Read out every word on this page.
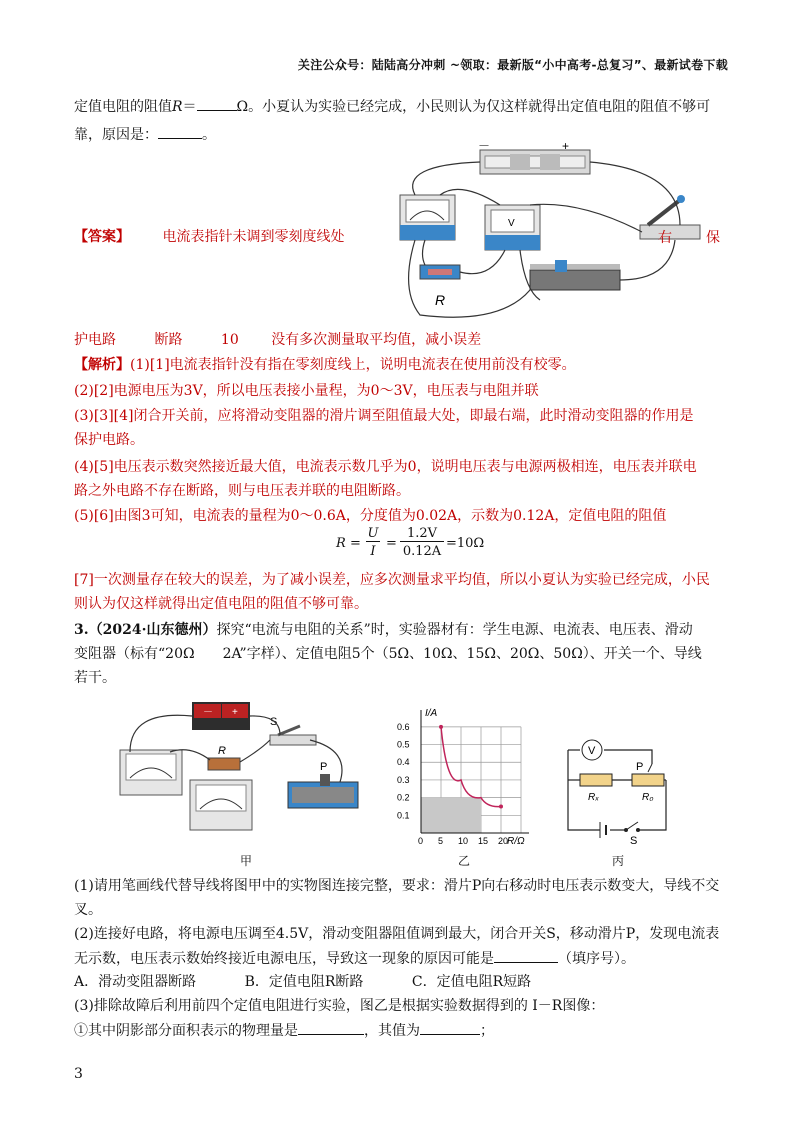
关注公众号：陆陆高分冲刺 ~领取：最新版“小中高考-总复习”、最新试卷下载
定值电阻的阻值R＝	Ω。小夏认为实验已经完成，小民则认为仅这样就得出定值电阻的阻值不够可
靠，原因是：	。
－	+
V
R
【答案】 电流表指针未调到零刻度线处	右 保
护电路	断路	10 没有多次测量取平均值，减小误差
【解析】(1)[1]电流表指针没有指在零刻度线上，说明电流表在使用前没有校零。
(2)[2]电源电压为3V，所以电压表接小量程，为0～3V，电压表与电阻并联
(3)[3][4]闭合开关前，应将滑动变阻器的滑片调至阻值最大处，即最右端，此时滑动变阻器的作用是
保护电路。
(4)[5]电压表示数突然接近最大值，电流表示数几乎为0，说明电压表与电源两极相连，电压表并联电
路之外电路不存在断路，则与电压表并联的电阻断路。
(5)[6]由图3可知，电流表的量程为0～0.6A，分度值为0.02A，示数为0.12A，定值电阻的阻值
R =
U
I
=
1.2V
0.12A
=10Ω
[7]一次测量存在较大的误差，为了减小误差，应多次测量求平均值，所以小夏认为实验已经完成，小民
则认为仅这样就得出定值电阻的阻值不够可靠。
3.（2024·山东德州）探究“电流与电阻的关系”时，实验器材有：学生电源、电流表、电压表、滑动
变阻器（标有“20Ω　　2A”字样）、定值电阻5个（5Ω、10Ω、15Ω、20Ω、50Ω）、开关一个、导线
若干。
－ +
S
R
P
甲
0 5 10 15 20
0.1
0.2
0.3
0.4
0.5
0.6
I/A
R/Ω
乙
V
P
Rₓ	R₀
S
丙
(1)请用笔画线代替导线将图甲中的实物图连接完整，要求：滑片P向右移动时电压表示数变大，导线不交
叉。
(2)连接好电路，将电源电压调至4.5V，滑动变阻器阻值调到最大，闭合开关S，移动滑片P，发现电流表
无示数，电压表示数始终接近电源电压，导致这一现象的原因可能是	（填序号）。
A．滑动变阻器断路	B．定值电阻R断路	C．定值电阻R短路
(3)排除故障后利用前四个定值电阻进行实验，图乙是根据实验数据得到的 I－R图像：
①其中阴影部分面积表示的物理量是	，其值为	；
3
